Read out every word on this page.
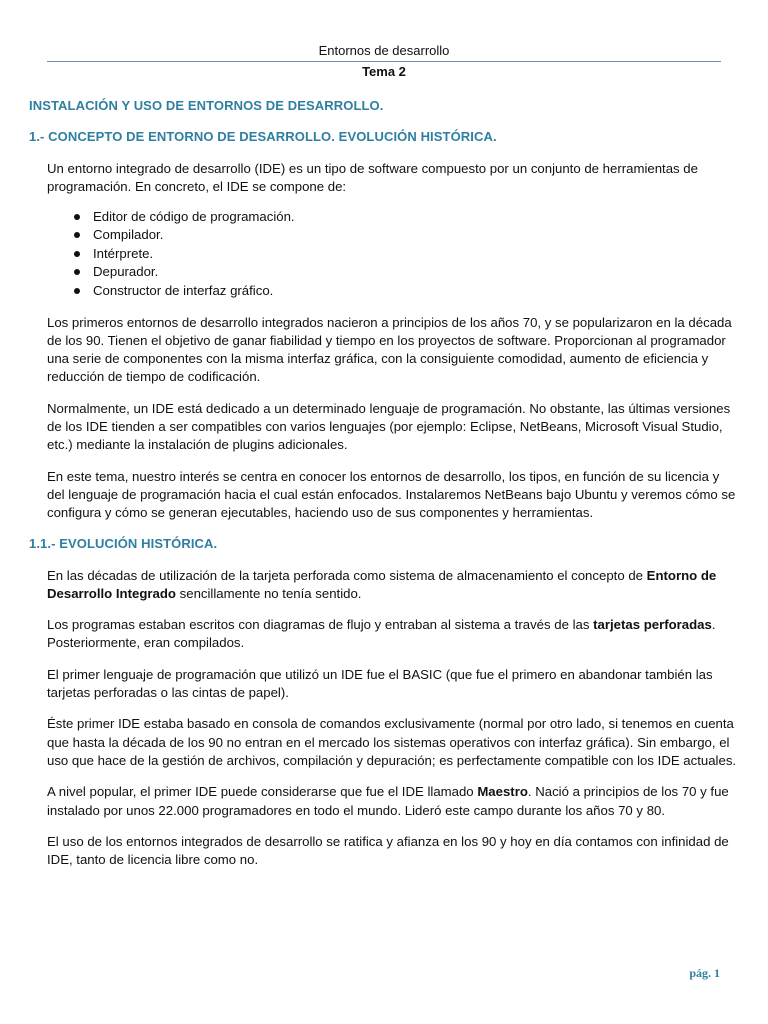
Entornos de desarrollo
Tema 2
INSTALACIÓN Y USO DE ENTORNOS DE DESARROLLO.
1.- CONCEPTO DE ENTORNO DE DESARROLLO. EVOLUCIÓN HISTÓRICA.

Un entorno integrado de desarrollo (IDE) es un tipo de software compuesto por un conjunto de herramientas de programación. En concreto, el IDE se compone de:

Editor de código de programación.
Compilador.
Intérprete.
Depurador.
Constructor de interfaz gráfico.

Los primeros entornos de desarrollo integrados nacieron a principios de los años 70, y se popularizaron en la década de los 90. Tienen el objetivo de ganar fiabilidad y tiempo en los proyectos de software. Proporcionan al programador una serie de componentes con la misma interfaz gráfica, con la consiguiente comodidad, aumento de eficiencia y reducción de tiempo de codificación.

Normalmente, un IDE está dedicado a un determinado lenguaje de programación. No obstante, las últimas versiones de los IDE tienden a ser compatibles con varios lenguajes (por ejemplo: Eclipse, NetBeans, Microsoft Visual Studio, etc.) mediante la instalación de plugins adicionales.

En este tema, nuestro interés se centra en conocer los entornos de desarrollo, los tipos, en función de su licencia y del lenguaje de programación hacia el cual están enfocados. Instalaremos NetBeans bajo Ubuntu y veremos cómo se configura y cómo se generan ejecutables, haciendo uso de sus componentes y herramientas.

1.1.- EVOLUCIÓN HISTÓRICA.

En las décadas de utilización de la tarjeta perforada como sistema de almacenamiento el concepto de Entorno de Desarrollo Integrado sencillamente no tenía sentido.

Los programas estaban escritos con diagramas de flujo y entraban al sistema a través de las tarjetas perforadas. Posteriormente, eran compilados.

El primer lenguaje de programación que utilizó un IDE fue el BASIC (que fue el primero en abandonar también las tarjetas perforadas o las cintas de papel).

Éste primer IDE estaba basado en consola de comandos exclusivamente (normal por otro lado, si tenemos en cuenta que hasta la década de los 90 no entran en el mercado los sistemas operativos con interfaz gráfica). Sin embargo, el uso que hace de la gestión de archivos, compilación y depuración; es perfectamente compatible con los IDE actuales.

A nivel popular, el primer IDE puede considerarse que fue el IDE llamado Maestro. Nació a principios de los 70 y fue instalado por unos 22.000 programadores en todo el mundo. Lideró este campo durante los años 70 y 80.

El uso de los entornos integrados de desarrollo se ratifica y afianza en los 90 y hoy en día contamos con infinidad de IDE, tanto de licencia libre como no.

pág. 1
